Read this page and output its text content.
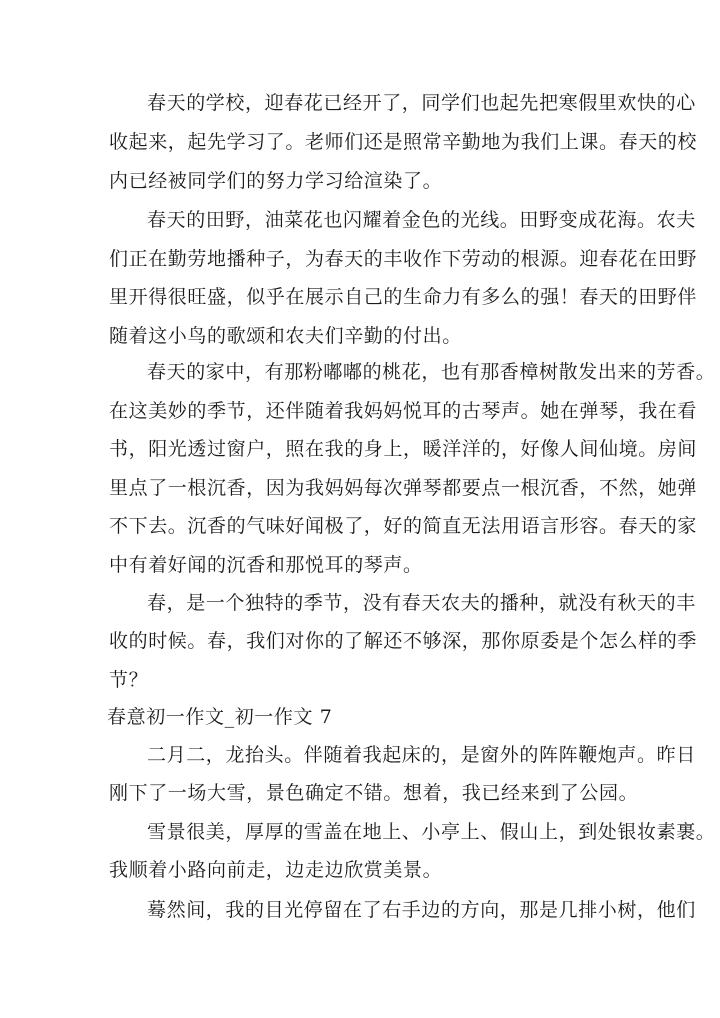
春天的学校，迎春花已经开了，同学们也起先把寒假里欢快的心

收起来，起先学习了。老师们还是照常辛勤地为我们上课。春天的校

内已经被同学们的努力学习给渲染了。

春天的田野，油菜花也闪耀着金色的光线。田野变成花海。农夫

们正在勤劳地播种子，为春天的丰收作下劳动的根源。迎春花在田野

里开得很旺盛，似乎在展示自己的生命力有多么的强！春天的田野伴

随着这小鸟的歌颂和农夫们辛勤的付出。

春天的家中，有那粉嘟嘟的桃花，也有那香樟树散发出来的芳香。

在这美妙的季节，还伴随着我妈妈悦耳的古琴声。她在弹琴，我在看

书，阳光透过窗户，照在我的身上，暖洋洋的，好像人间仙境。房间

里点了一根沉香，因为我妈妈每次弹琴都要点一根沉香，不然，她弹

不下去。沉香的气味好闻极了，好的简直无法用语言形容。春天的家

中有着好闻的沉香和那悦耳的琴声。

春，是一个独特的季节，没有春天农夫的播种，就没有秋天的丰

收的时候。春，我们对你的了解还不够深，那你原委是个怎么样的季

节？

春意初一作文_初一作文 7

二月二，龙抬头。伴随着我起床的，是窗外的阵阵鞭炮声。昨日

刚下了一场大雪，景色确定不错。想着，我已经来到了公园。

雪景很美，厚厚的雪盖在地上、小亭上、假山上，到处银妆素裹。

我顺着小路向前走，边走边欣赏美景。

蓦然间，我的目光停留在了右手边的方向，那是几排小树，他们
